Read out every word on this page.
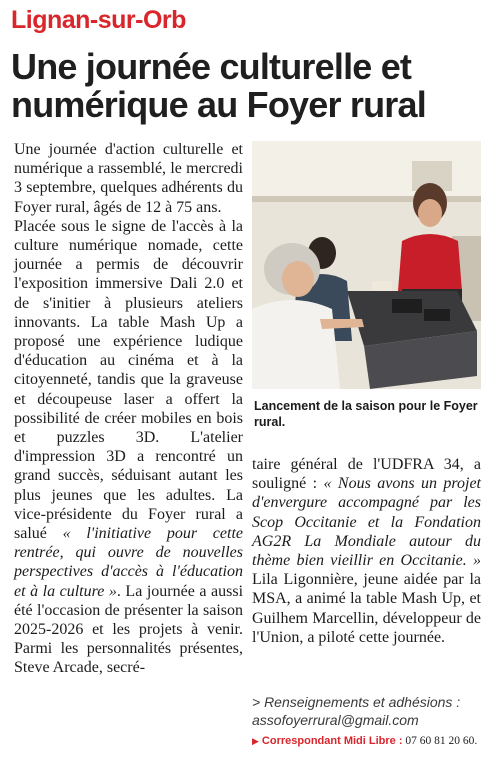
Lignan-sur-Orb
Une journée culturelle et numérique au Foyer rural

Une journée d'action culturelle et numérique a rassemblé, le mercredi 3 septembre, quelques adhérents du Foyer rural, âgés de 12 à 75 ans.

Placée sous le signe de l'accès à la culture numérique nomade, cette journée a permis de découvrir l'exposition immersive Dali 2.0 et de s'initier à plusieurs ateliers innovants. La table Mash Up a proposé une expérience ludique d'éducation au cinéma et à la citoyenneté, tandis que la graveuse et découpeuse laser a offert la possibilité de créer mobiles en bois et puzzles 3D. L'atelier d'impression 3D a rencontré un grand succès, séduisant autant les plus jeunes que les adultes. La vice-présidente du Foyer rural a salué « l'initiative pour cette rentrée, qui ouvre de nouvelles perspectives d'accès à l'éducation et à la culture ». La journée a aussi été l'occasion de présenter la saison 2025-2026 et les projets à venir. Parmi les personnalités présentes, Steve Arcade, secré-

Lancement de la saison pour le Foyer rural.

taire général de l'UDFRA 34, a souligné : « Nous avons un projet d'envergure accompagné par les Scop Occitanie et la Fondation AG2R La Mondiale autour du thème bien vieillir en Occitanie. » Lila Ligonnière, jeune aidée par la MSA, a animé la table Mash Up, et Guilhem Marcellin, développeur de l'Union, a piloté cette journée.

> Renseignements et adhésions :
assofoyerrural@gmail.com
▶ Correspondant Midi Libre : 07 60 81 20 60.
